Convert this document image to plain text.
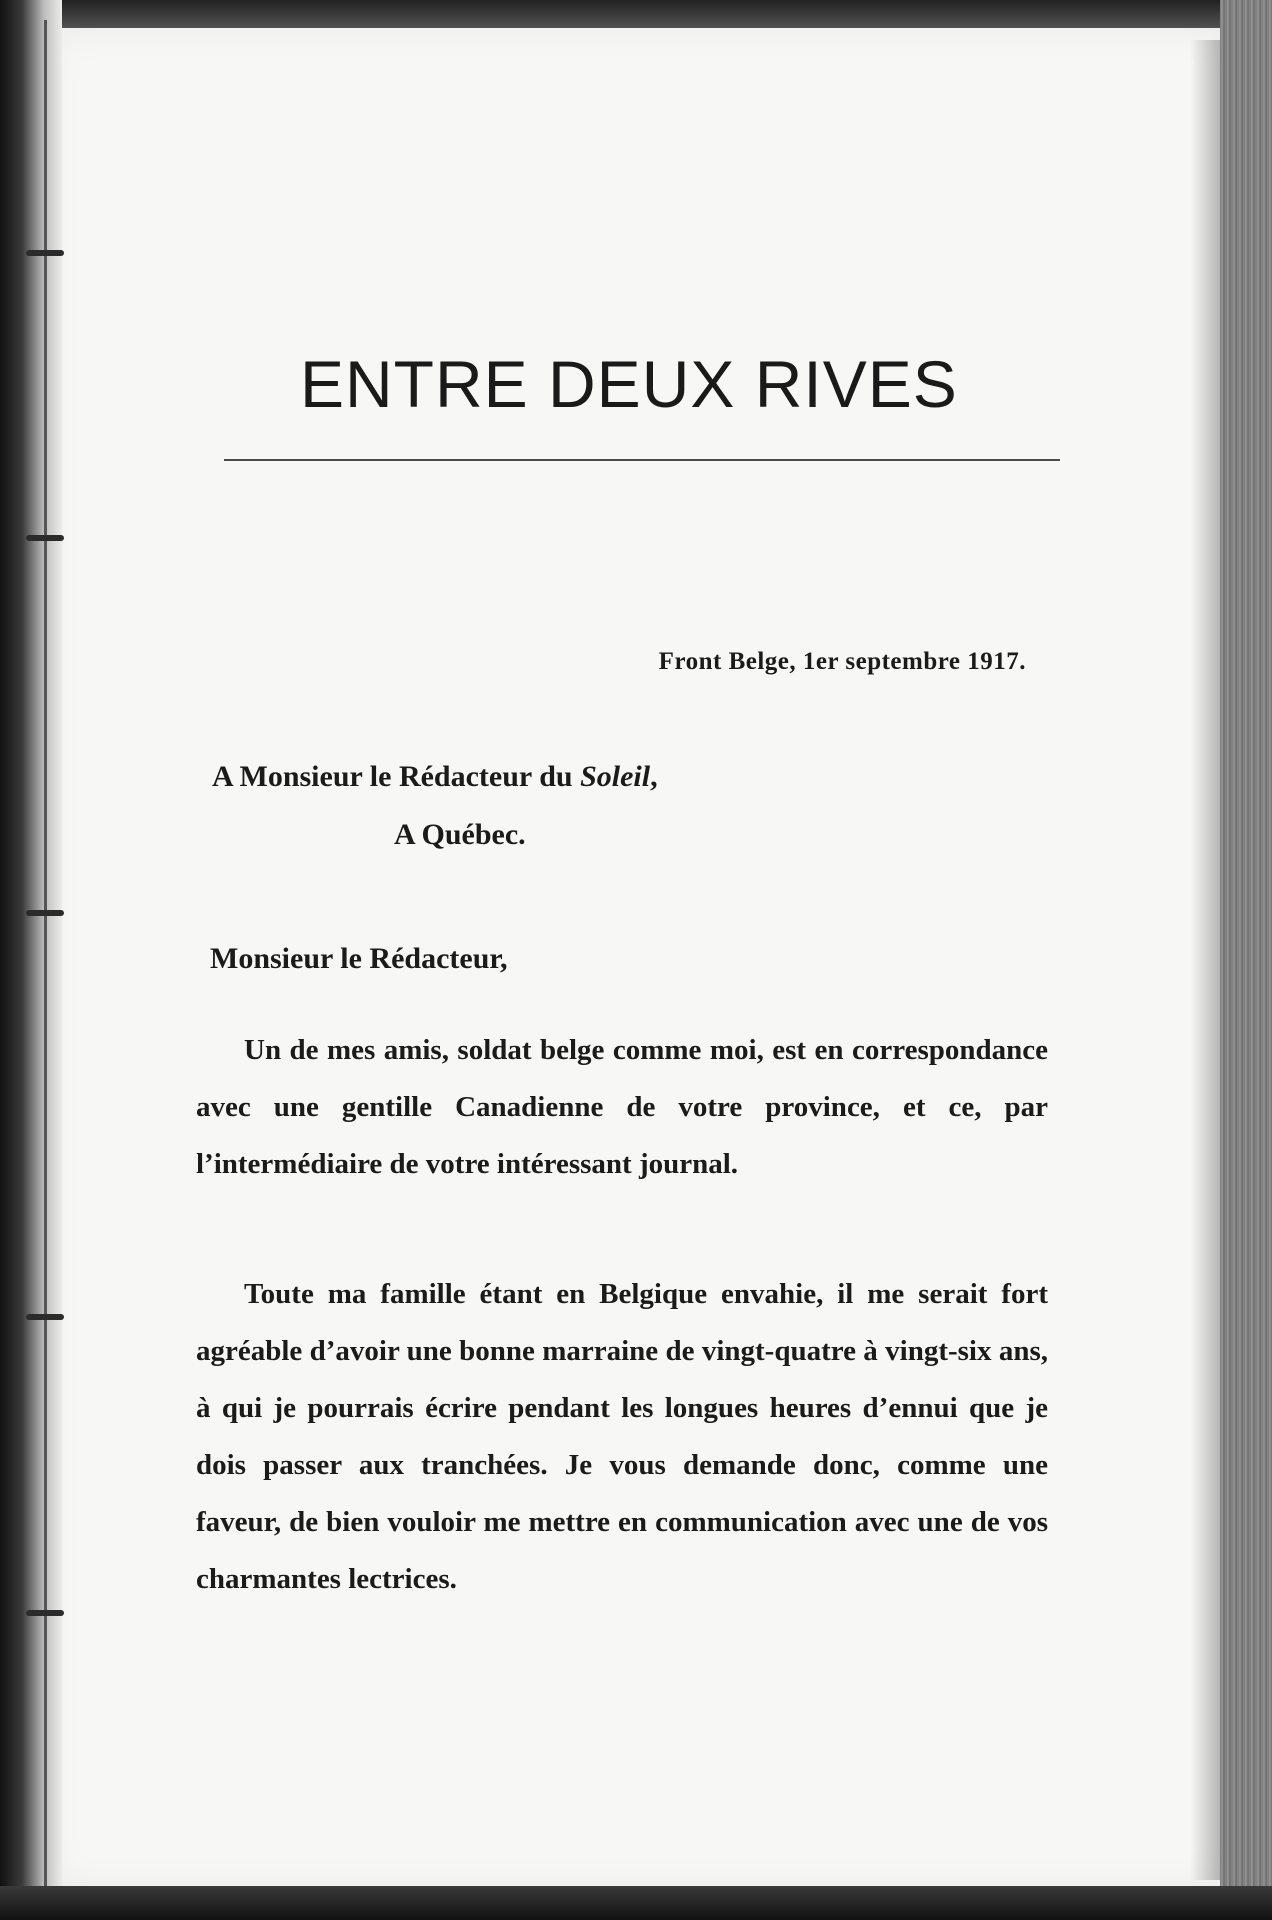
ENTRE DEUX RIVES
Front Belge, 1er septembre 1917.
A Monsieur le Rédacteur du Soleil,
A Québec.
Monsieur le Rédacteur,
Un de mes amis, soldat belge comme moi, est en correspondance avec une gentille Canadienne de votre province, et ce, par l’intermédiaire de votre intéressant journal.
Toute ma famille étant en Belgique envahie, il me serait fort agréable d’avoir une bonne marraine de vingt-quatre à vingt-six ans, à qui je pourrais écrire pendant les longues heures d’ennui que je dois passer aux tranchées. Je vous demande donc, comme une faveur, de bien vouloir me mettre en communication avec une de vos charmantes lectrices.
